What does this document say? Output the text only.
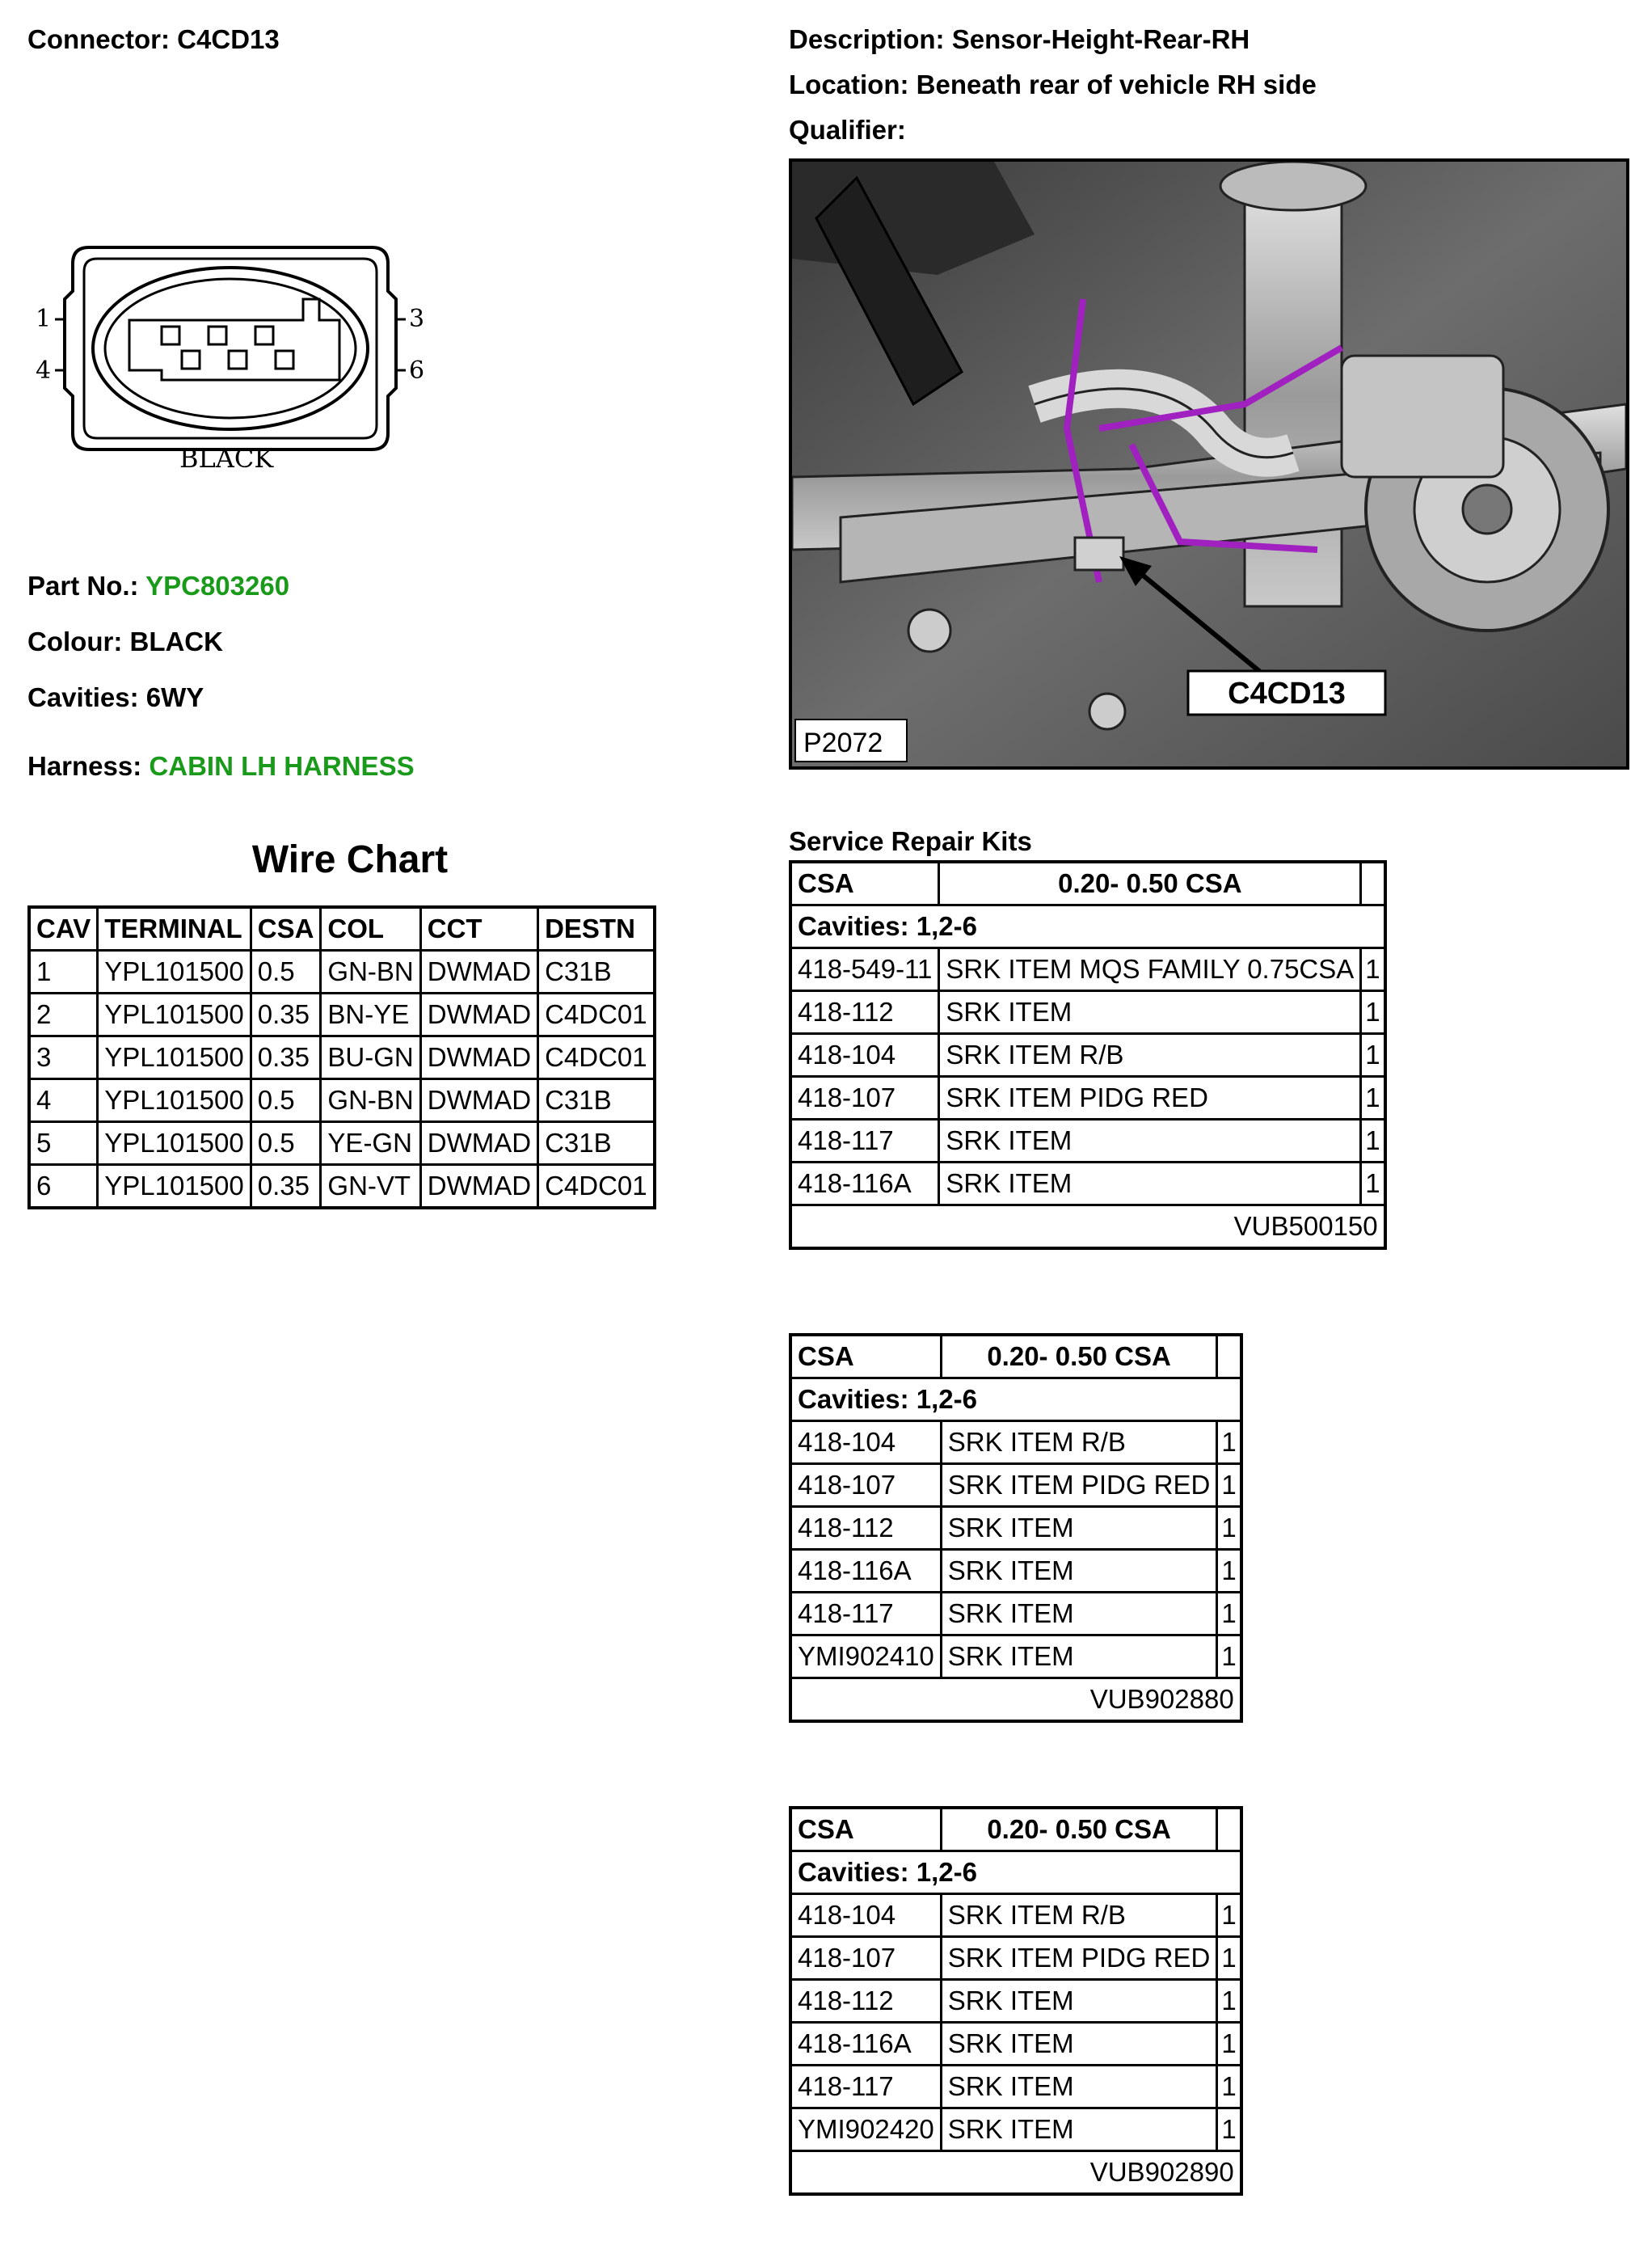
Connector: C4CD13	Description: Sensor-Height-Rear-RH
Location: Beneath rear of vehicle RH side
Qualifier:
1
4
3
6
BLACK
Part No.: YPC803260
Colour: BLACK
Cavities: 6WY
Harness: CABIN LH HARNESS
C4CD13
P2072
Wire Chart
CAV	TERMINAL	CSA	COL	CCT	DESTN
1	YPL101500	0.5	GN-BN	DWMAD	C31B
2	YPL101500	0.35	BN-YE	DWMAD	C4DC01
3	YPL101500	0.35	BU-GN	DWMAD	C4DC01
4	YPL101500	0.5	GN-BN	DWMAD	C31B
5	YPL101500	0.5	YE-GN	DWMAD	C31B
6	YPL101500	0.35	GN-VT	DWMAD	C4DC01
Service Repair Kits
CSA	0.20- 0.50 CSA	
Cavities: 1,2-6		
418-549-11	SRK ITEM MQS FAMILY 0.75CSA	1
418-112	SRK ITEM	1
418-104	SRK ITEM R/B	1
418-107	SRK ITEM PIDG RED	1
418-117	SRK ITEM	1
418-116A	SRK ITEM	1
VUB500150		
CSA	0.20- 0.50 CSA	
Cavities: 1,2-6		
418-104	SRK ITEM R/B	1
418-107	SRK ITEM PIDG RED	1
418-112	SRK ITEM	1
418-116A	SRK ITEM	1
418-117	SRK ITEM	1
YMI902410	SRK ITEM	1
VUB902880		
CSA	0.20- 0.50 CSA	
Cavities: 1,2-6		
418-104	SRK ITEM R/B	1
418-107	SRK ITEM PIDG RED	1
418-112	SRK ITEM	1
418-116A	SRK ITEM	1
418-117	SRK ITEM	1
YMI902420	SRK ITEM	1
VUB902890		
